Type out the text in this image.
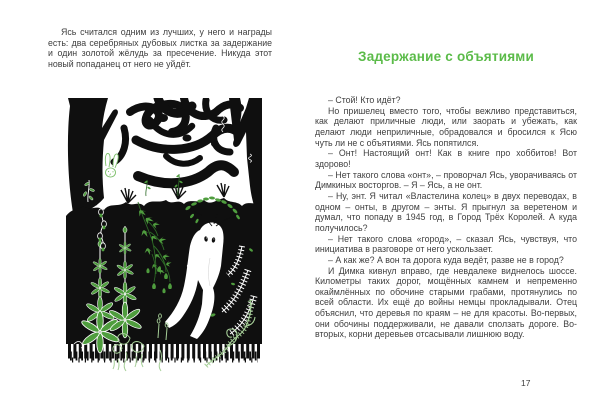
Ясь считался одним из лучших, у него и награды есть: два серебряных дубовых листка за задержание и один золотой жёлудь за пресечение. Никуда этот новый попаданец от него не уйдёт.

Задержание с объятиями

– Стой! Кто идёт?

Но пришелец вместо того, чтобы вежливо представиться, как делают приличные люди, или заорать и убежать, как делают люди неприличные, обрадовался и бросился к Ясю чуть ли не с объятиями. Ясь попятился.

– Онт! Настоящий онт! Как в книге про хоббитов! Вот здорово!

– Нет такого слова «онт», – проворчал Ясь, уворачиваясь от Димкиных восторгов. – Я – Ясь, а не онт.

– Ну, энт. Я читал «Властелина колец» в двух переводах, в одном – онты, в другом – энты. Я прыгнул за веретеном и думал, что попаду в 1945 год, в Город Трёх Королей. А куда получилось?

– Нет такого слова «город», – сказал Ясь, чувствуя, что инициатива в разговоре от него ускользает.

– А как же? А вон та дорога куда ведёт, разве не в город?

И Димка кивнул вправо, где невдалеке виднелось шоссе. Километры таких дорог, мощённых камнем и непременно окаймлённых по обочине старыми грабами, протянулись по всей области. Их ещё до войны немцы прокладывали. Отец объяснил, что деревья по краям – не для красоты. Во-первых, они обочины поддерживали, не давали сползать дороге. Во-вторых, корни деревьев отсасывали лишнюю воду.

17
